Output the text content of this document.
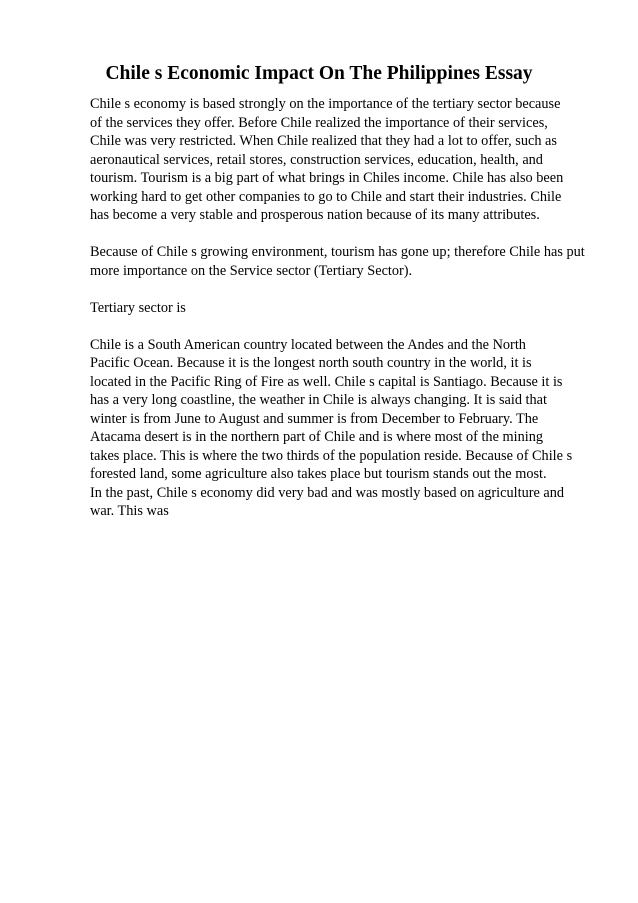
Chile s Economic Impact On The Philippines Essay

Chile s economy is based strongly on the importance of the tertiary sector because
of the services they offer. Before Chile realized the importance of their services,
Chile was very restricted. When Chile realized that they had a lot to offer, such as
aeronautical services, retail stores, construction services, education, health, and
tourism. Tourism is a big part of what brings in Chiles income. Chile has also been
working hard to get other companies to go to Chile and start their industries. Chile
has become a very stable and prosperous nation because of its many attributes.

Because of Chile s growing environment, tourism has gone up; therefore Chile has put
more importance on the Service sector (Tertiary Sector).

Tertiary sector is

Chile is a South American country located between the Andes and the North
Pacific Ocean. Because it is the longest north south country in the world, it is
located in the Pacific Ring of Fire as well. Chile s capital is Santiago. Because it is
has a very long coastline, the weather in Chile is always changing. It is said that
winter is from June to August and summer is from December to February. The
Atacama desert is in the northern part of Chile and is where most of the mining
takes place. This is where the two thirds of the population reside. Because of Chile s
forested land, some agriculture also takes place but tourism stands out the most.

In the past, Chile s economy did very bad and was mostly based on agriculture and
war. This was
